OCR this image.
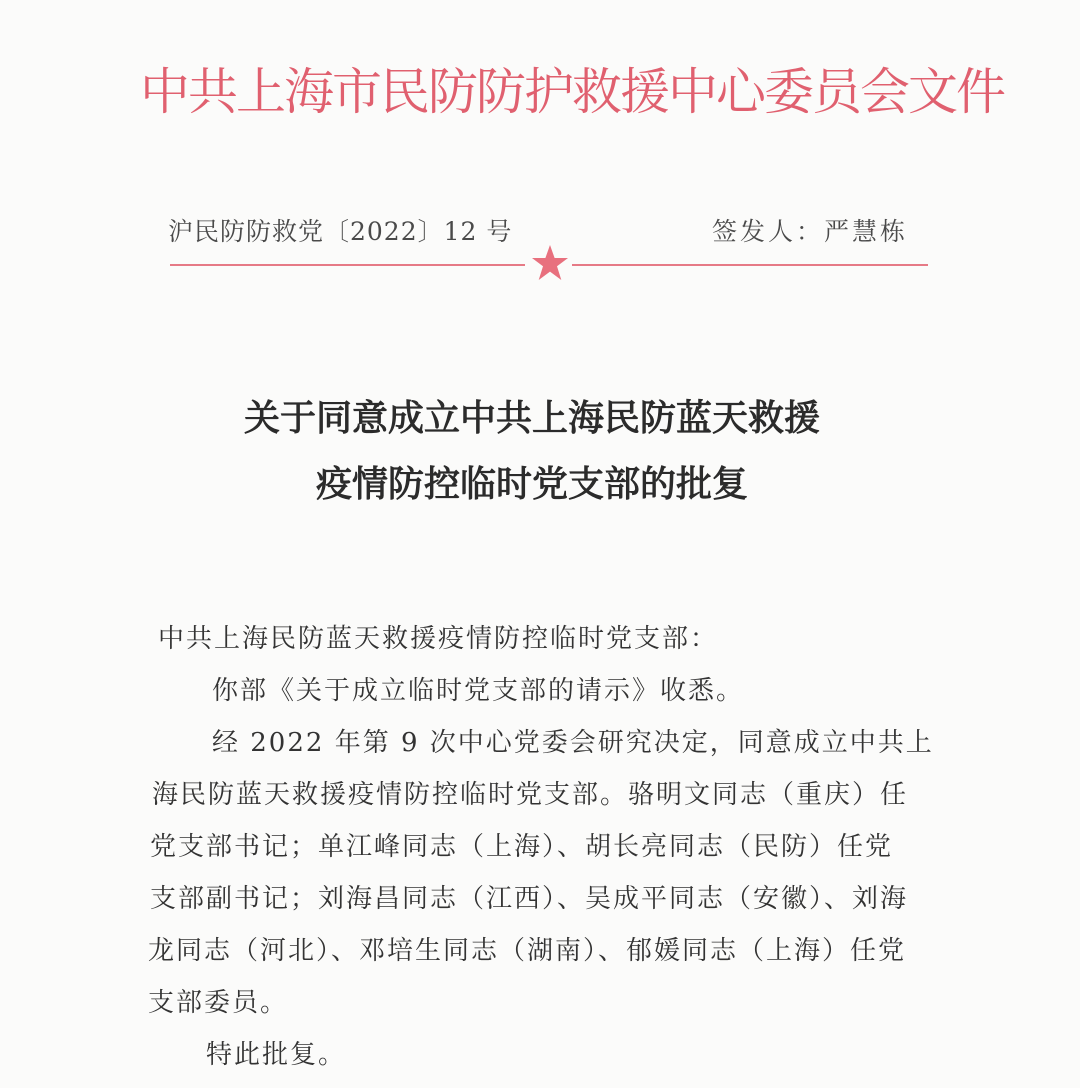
中共上海市民防防护救援中心委员会文件
沪民防防救党〔2022〕12 号	签发人：严慧栋
关于同意成立中共上海民防蓝天救援
疫情防控临时党支部的批复
中共上海民防蓝天救援疫情防控临时党支部：
你部《关于成立临时党支部的请示》收悉。
经 2022 年第 9 次中心党委会研究决定，同意成立中共上
海民防蓝天救援疫情防控临时党支部。骆明文同志（重庆）任
党支部书记；单江峰同志（上海）、胡长亮同志（民防）任党
支部副书记；刘海昌同志（江西）、吴成平同志（安徽）、刘海
龙同志（河北）、邓培生同志（湖南）、郁媛同志（上海）任党
支部委员。
特此批复。
